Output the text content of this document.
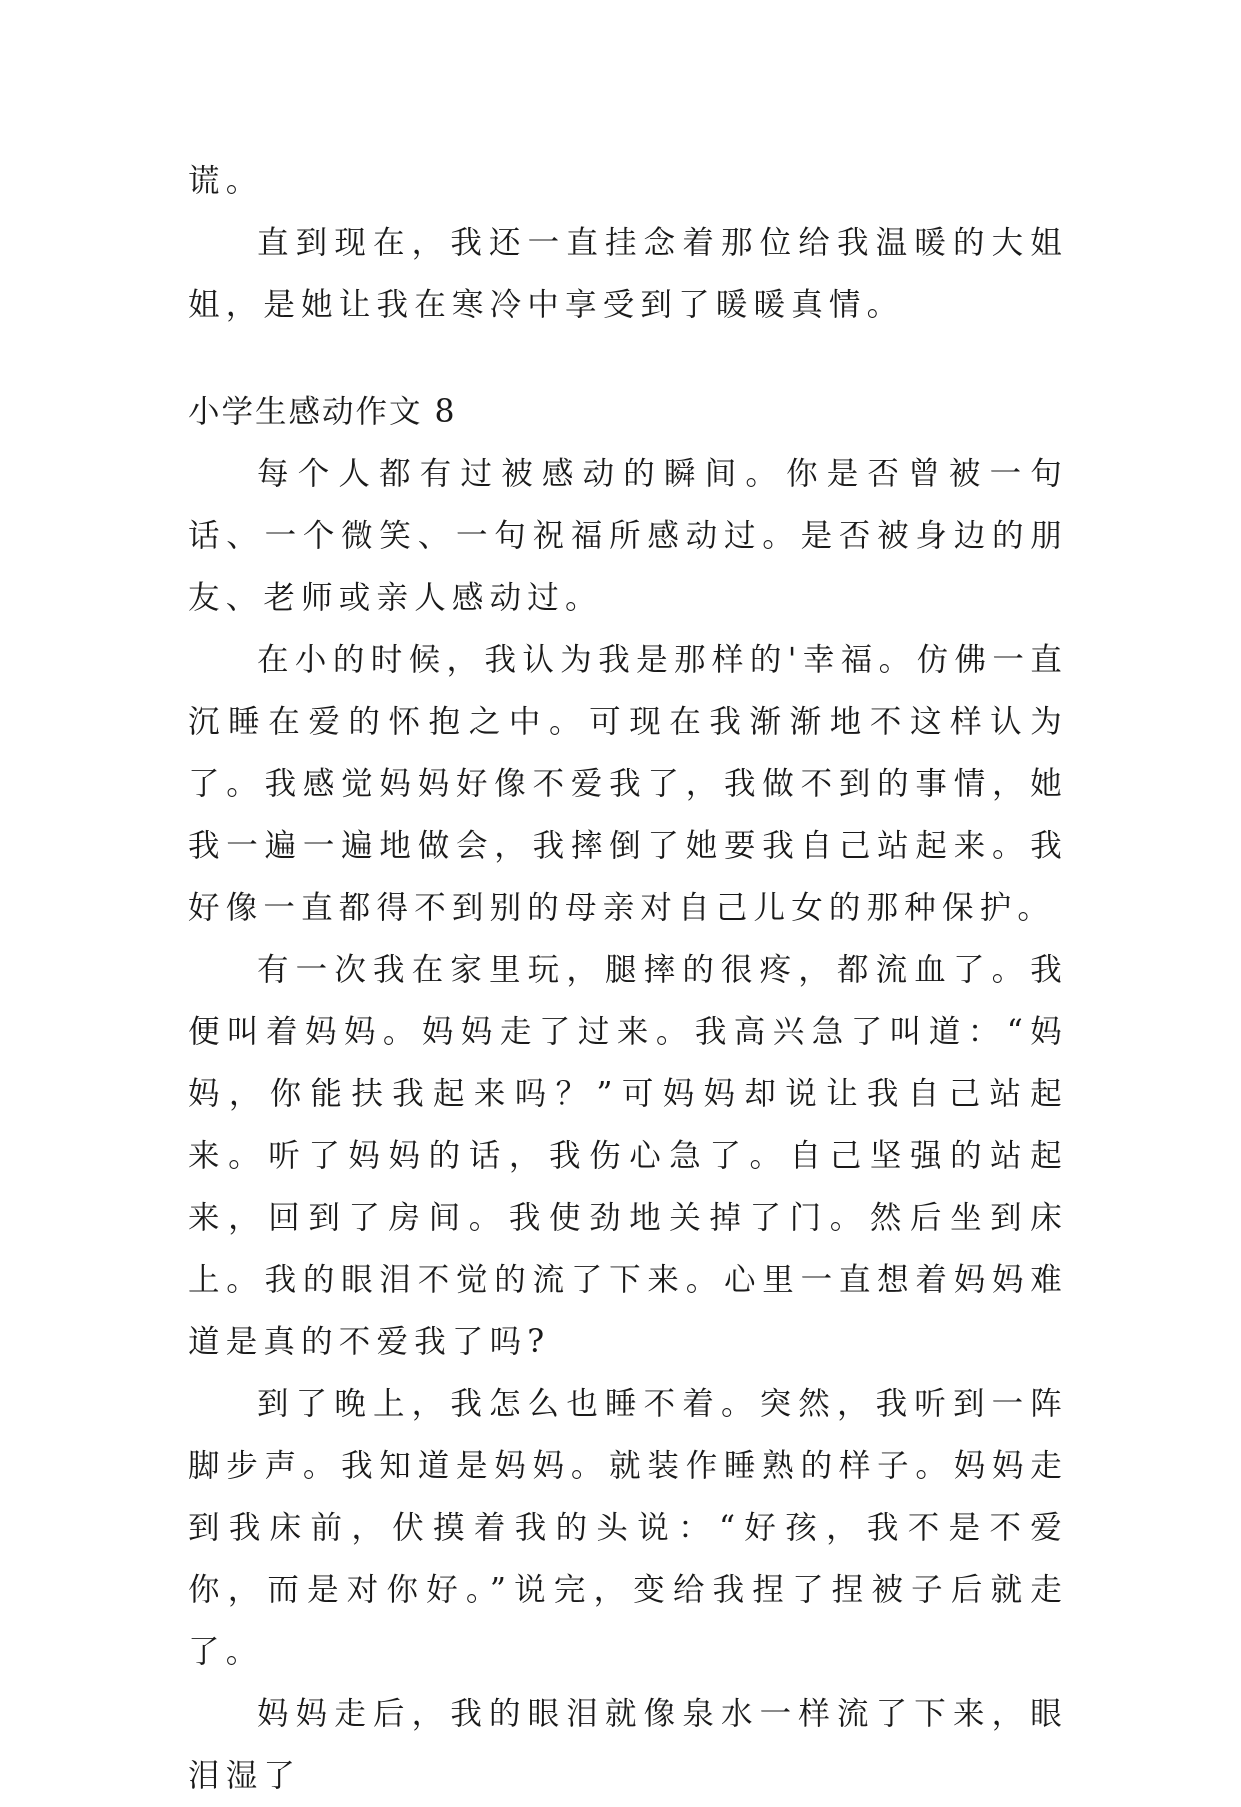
谎。

直到现在，我还一直挂念着那位给我温暖的大姐姐，是她让我在寒冷中享受到了暖暖真情。

小学生感动作文 8

每个人都有过被感动的瞬间。你是否曾被一句话、一个微笑、一句祝福所感动过。是否被身边的朋友、老师或亲人感动过。

在小的时候，我认为我是那样的'幸福。仿佛一直沉睡在爱的怀抱之中。可现在我渐渐地不这样认为了。我感觉妈妈好像不爱我了，我做不到的事情，她我一遍一遍地做会，我摔倒了她要我自己站起来。我好像一直都得不到别的母亲对自己儿女的那种保护。

有一次我在家里玩，腿摔的很疼，都流血了。我便叫着妈妈。妈妈走了过来。我高兴急了叫道：“妈妈，你能扶我起来吗？”可妈妈却说让我自己站起来。听了妈妈的话，我伤心急了。自己坚强的站起来，回到了房间。我使劲地关掉了门。然后坐到床上。我的眼泪不觉的流了下来。心里一直想着妈妈难道是真的不爱我了吗?

到了晚上，我怎么也睡不着。突然，我听到一阵脚步声。我知道是妈妈。就装作睡熟的样子。妈妈走到我床前，伏摸着我的头说：“好孩，我不是不爱你，而是对你好。”说完，变给我捏了捏被子后就走了。

妈妈走后，我的眼泪就像泉水一样流了下来，眼泪湿了
